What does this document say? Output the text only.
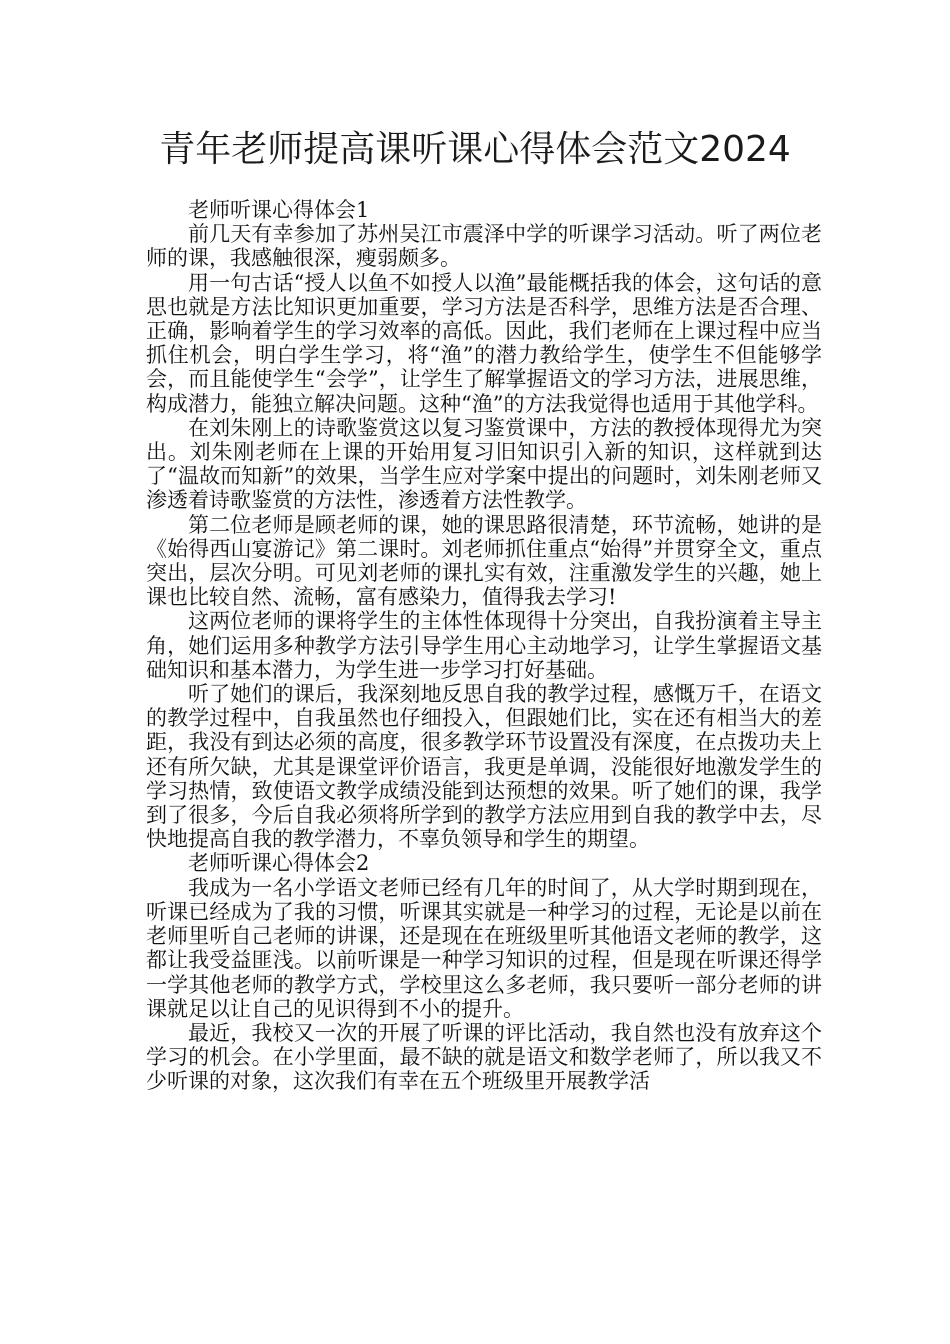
青年老师提高课听课心得体会范文2024

老师听课心得体会1

前几天有幸参加了苏州吴江市震泽中学的听课学习活动。听了两位老师的课，我感触很深，瘦弱颇多。

用一句古话“授人以鱼不如授人以渔”最能概括我的体会，这句话的意思也就是方法比知识更加重要，学习方法是否科学，思维方法是否合理、正确，影响着学生的学习效率的高低。因此，我们老师在上课过程中应当抓住机会，明白学生学习，将“渔”的潜力教给学生，使学生不但能够学会，而且能使学生“会学”，让学生了解掌握语文的学习方法，进展思维，构成潜力，能独立解决问题。这种“渔”的方法我觉得也适用于其他学科。

在刘朱刚上的诗歌鉴赏这以复习鉴赏课中，方法的教授体现得尤为突出。刘朱刚老师在上课的开始用复习旧知识引入新的知识，这样就到达了“温故而知新”的效果，当学生应对学案中提出的问题时，刘朱刚老师又渗透着诗歌鉴赏的方法性，渗透着方法性教学。

第二位老师是顾老师的课，她的课思路很清楚，环节流畅，她讲的是《始得西山宴游记》第二课时。刘老师抓住重点“始得”并贯穿全文，重点突出，层次分明。可见刘老师的课扎实有效，注重激发学生的兴趣，她上课也比较自然、流畅，富有感染力，值得我去学习!

这两位老师的课将学生的主体性体现得十分突出，自我扮演着主导主角，她们运用多种教学方法引导学生用心主动地学习，让学生掌握语文基础知识和基本潜力，为学生进一步学习打好基础。

听了她们的课后，我深刻地反思自我的教学过程，感慨万千，在语文的教学过程中，自我虽然也仔细投入，但跟她们比，实在还有相当大的差距，我没有到达必须的高度，很多教学环节设置没有深度，在点拨功夫上还有所欠缺，尤其是课堂评价语言，我更是单调，没能很好地激发学生的学习热情，致使语文教学成绩没能到达预想的效果。听了她们的课，我学到了很多，今后自我必须将所学到的教学方法应用到自我的教学中去，尽快地提高自我的教学潜力，不辜负领导和学生的期望。

老师听课心得体会2

我成为一名小学语文老师已经有几年的时间了，从大学时期到现在，听课已经成为了我的习惯，听课其实就是一种学习的过程，无论是以前在老师里听自己老师的讲课，还是现在在班级里听其他语文老师的教学，这都让我受益匪浅。以前听课是一种学习知识的过程，但是现在听课还得学一学其他老师的教学方式，学校里这么多老师，我只要听一部分老师的讲课就足以让自己的见识得到不小的提升。

最近，我校又一次的开展了听课的评比活动，我自然也没有放弃这个学习的机会。在小学里面，最不缺的就是语文和数学老师了，所以我又不少听课的对象，这次我们有幸在五个班级里开展教学活
